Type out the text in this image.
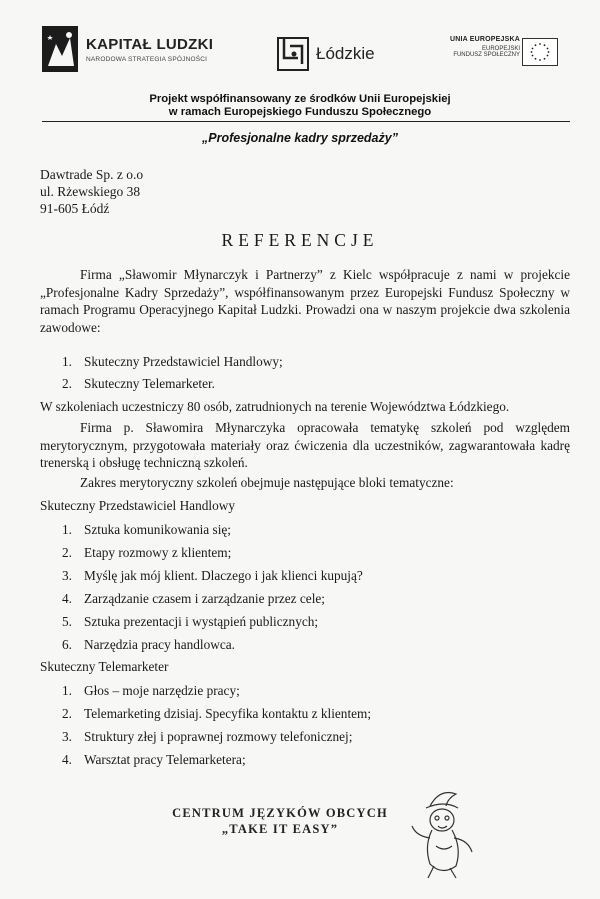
KAPITAŁ LUDZKI
NARODOWA STRATEGIA SPÓJNOŚCI	Łódzkie
UNIA EUROPEJSKA
EUROPEJSKI
FUNDUSZ SPOŁECZNY
Projekt współfinansowany ze środków Unii Europejskiej
w ramach Europejskiego Funduszu Społecznego
„Profesjonalne kadry sprzedaży”
Dawtrade Sp. z o.o
ul. Rżewskiego 38
91-605 Łódź
REFERENCJE
Firma „Sławomir Młynarczyk i Partnerzy” z Kielc współpracuje z nami w projekcie „Profesjonalne Kadry Sprzedaży”, współfinansowanym przez Europejski Fundusz Społeczny w ramach Programu Operacyjnego Kapitał Ludzki. Prowadzi ona w naszym projekcie dwa szkolenia zawodowe:
1. Skuteczny Przedstawiciel Handlowy;
2. Skuteczny Telemarketer.
W szkoleniach uczestniczy 80 osób, zatrudnionych na terenie Województwa Łódzkiego.
Firma p. Sławomira Młynarczyka opracowała tematykę szkoleń pod względem merytorycznym, przygotowała materiały oraz ćwiczenia dla uczestników, zagwarantowała kadrę trenerską i obsługę techniczną szkoleń.
Zakres merytoryczny szkoleń obejmuje następujące bloki tematyczne:
Skuteczny Przedstawiciel Handlowy
1. Sztuka komunikowania się;
2. Etapy rozmowy z klientem;
3. Myślę jak mój klient. Dlaczego i jak klienci kupują?
4. Zarządzanie czasem i zarządzanie przez cele;
5. Sztuka prezentacji i wystąpień publicznych;
6. Narzędzia pracy handlowca.
Skuteczny Telemarketer
1. Głos – moje narzędzie pracy;
2. Telemarketing dzisiaj. Specyfika kontaktu z klientem;
3. Struktury złej i poprawnej rozmowy telefonicznej;
4. Warsztat pracy Telemarketera;
CENTRUM JĘZYKÓW OBCYCH
„TAKE IT EASY”
